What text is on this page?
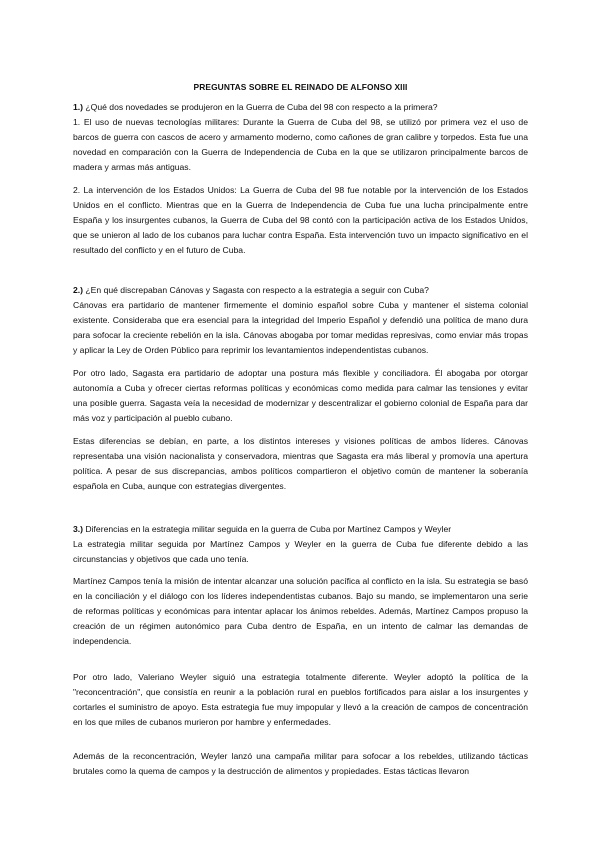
PREGUNTAS SOBRE EL REINADO DE ALFONSO XIII

1.) ¿Qué dos novedades se produjeron en la Guerra de Cuba del 98 con respecto a la primera?

1. El uso de nuevas tecnologías militares: Durante la Guerra de Cuba del 98, se utilizó por primera vez el uso de barcos de guerra con cascos de acero y armamento moderno, como cañones de gran calibre y torpedos. Esta fue una novedad en comparación con la Guerra de Independencia de Cuba en la que se utilizaron principalmente barcos de madera y armas más antiguas.

2. La intervención de los Estados Unidos: La Guerra de Cuba del 98 fue notable por la intervención de los Estados Unidos en el conflicto. Mientras que en la Guerra de Independencia de Cuba fue una lucha principalmente entre España y los insurgentes cubanos, la Guerra de Cuba del 98 contó con la participación activa de los Estados Unidos, que se unieron al lado de los cubanos para luchar contra España. Esta intervención tuvo un impacto significativo en el resultado del conflicto y en el futuro de Cuba.

2.) ¿En qué discrepaban Cánovas y Sagasta con respecto a la estrategia a seguir con Cuba?

Cánovas era partidario de mantener firmemente el dominio español sobre Cuba y mantener el sistema colonial existente. Consideraba que era esencial para la integridad del Imperio Español y defendió una política de mano dura para sofocar la creciente rebelión en la isla. Cánovas abogaba por tomar medidas represivas, como enviar más tropas y aplicar la Ley de Orden Público para reprimir los levantamientos independentistas cubanos.

Por otro lado, Sagasta era partidario de adoptar una postura más flexible y conciliadora. Él abogaba por otorgar autonomía a Cuba y ofrecer ciertas reformas políticas y económicas como medida para calmar las tensiones y evitar una posible guerra. Sagasta veía la necesidad de modernizar y descentralizar el gobierno colonial de España para dar más voz y participación al pueblo cubano.

Estas diferencias se debían, en parte, a los distintos intereses y visiones políticas de ambos líderes. Cánovas representaba una visión nacionalista y conservadora, mientras que Sagasta era más liberal y promovía una apertura política. A pesar de sus discrepancias, ambos políticos compartieron el objetivo común de mantener la soberanía española en Cuba, aunque con estrategias divergentes.

3.) Diferencias en la estrategia militar seguida en la guerra de Cuba por Martínez Campos y Weyler

La estrategia militar seguida por Martínez Campos y Weyler en la guerra de Cuba fue diferente debido a las circunstancias y objetivos que cada uno tenía.

Martínez Campos tenía la misión de intentar alcanzar una solución pacífica al conflicto en la isla. Su estrategia se basó en la conciliación y el diálogo con los líderes independentistas cubanos. Bajo su mando, se implementaron una serie de reformas políticas y económicas para intentar aplacar los ánimos rebeldes. Además, Martínez Campos propuso la creación de un régimen autonómico para Cuba dentro de España, en un intento de calmar las demandas de independencia.

Por otro lado, Valeriano Weyler siguió una estrategia totalmente diferente. Weyler adoptó la política de la "reconcentración", que consistía en reunir a la población rural en pueblos fortificados para aislar a los insurgentes y cortarles el suministro de apoyo. Esta estrategia fue muy impopular y llevó a la creación de campos de concentración en los que miles de cubanos murieron por hambre y enfermedades.

Además de la reconcentración, Weyler lanzó una campaña militar para sofocar a los rebeldes, utilizando tácticas brutales como la quema de campos y la destrucción de alimentos y propiedades. Estas tácticas llevaron
